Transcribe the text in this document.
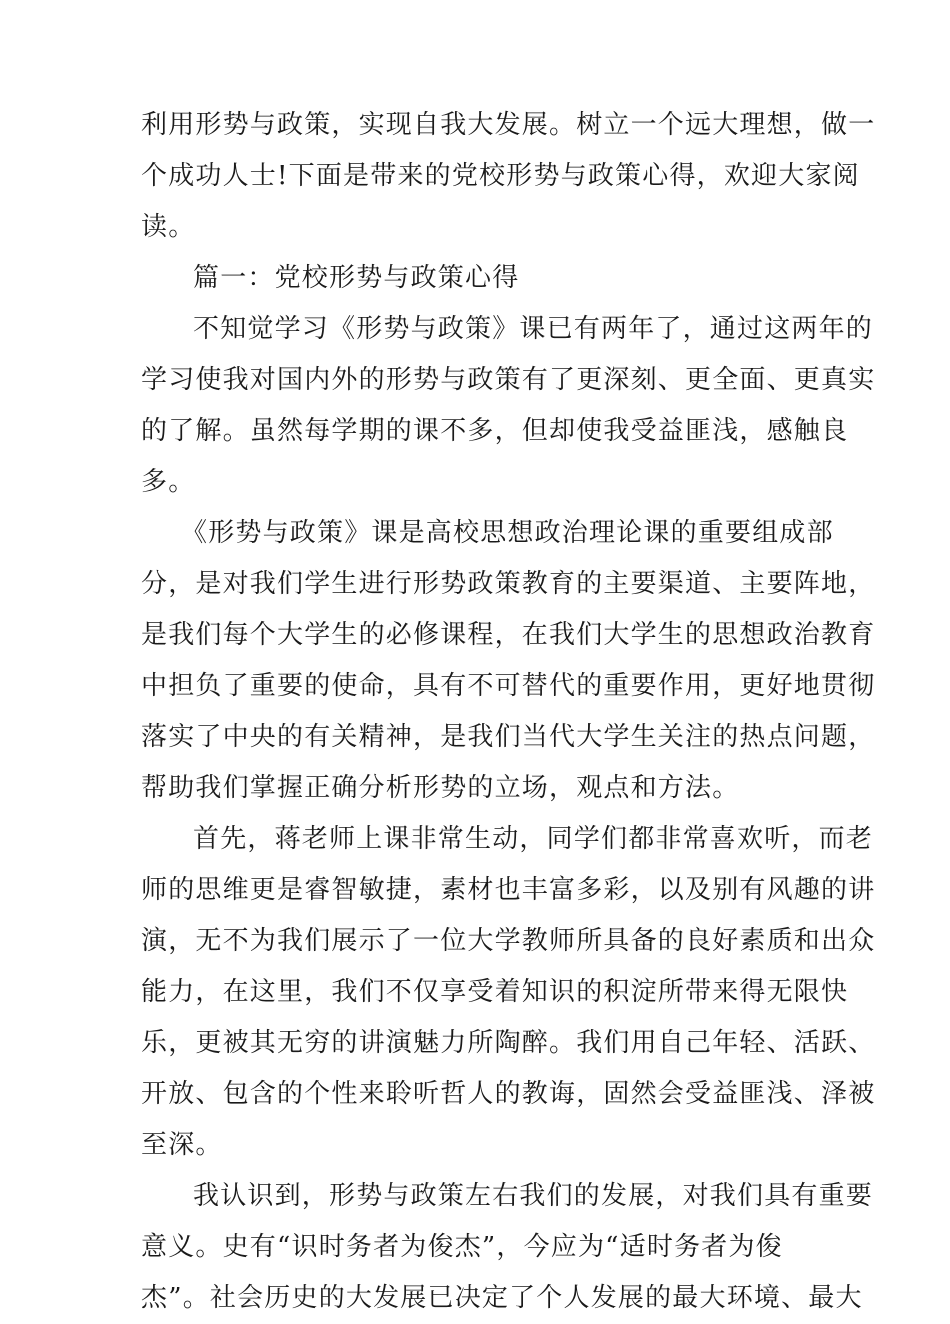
利用形势与政策，实现自我大发展。树立一个远大理想，做一
个成功人士!下面是带来的党校形势与政策心得，欢迎大家阅
读。

篇一：党校形势与政策心得

不知觉学习《形势与政策》课已有两年了，通过这两年的
学习使我对国内外的形势与政策有了更深刻、更全面、更真实
的了解。虽然每学期的课不多，但却使我受益匪浅，感触良
多。

《形势与政策》课是高校思想政治理论课的重要组成部
分，是对我们学生进行形势政策教育的主要渠道、主要阵地，
是我们每个大学生的必修课程，在我们大学生的思想政治教育
中担负了重要的使命，具有不可替代的重要作用，更好地贯彻
落实了中央的有关精神，是我们当代大学生关注的热点问题，
帮助我们掌握正确分析形势的立场，观点和方法。

首先，蒋老师上课非常生动，同学们都非常喜欢听，而老
师的思维更是睿智敏捷，素材也丰富多彩，以及别有风趣的讲
演，无不为我们展示了一位大学教师所具备的良好素质和出众
能力，在这里，我们不仅享受着知识的积淀所带来得无限快
乐，更被其无穷的讲演魅力所陶醉。我们用自己年轻、活跃、
开放、包含的个性来聆听哲人的教诲，固然会受益匪浅、泽被
至深。

我认识到，形势与政策左右我们的发展，对我们具有重要
意义。史有“识时务者为俊杰”，今应为“适时务者为俊
杰”。社会历史的大发展已决定了个人发展的最大环境、最大
